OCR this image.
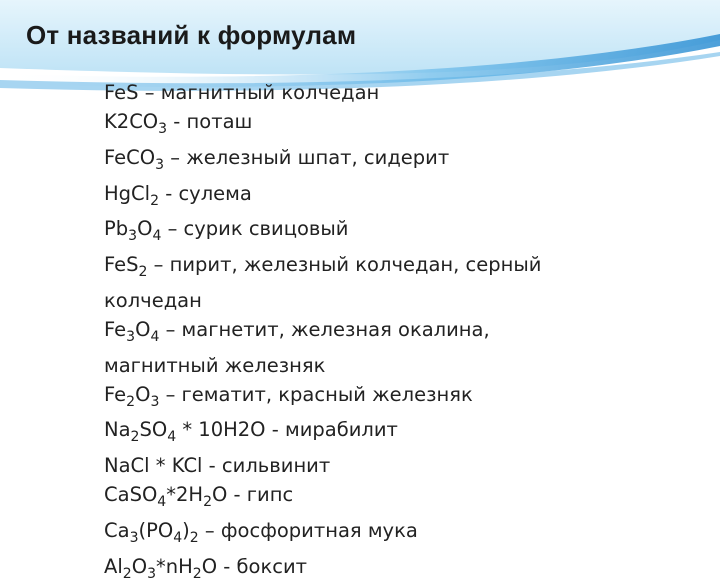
От названий к формулам
FeS – магнитный колчедан
$K2CO_3$ - поташ
FeCO$_3$ – железный шпат, сидерит
HgCl$_2$ - сулема
$Pb_3O_4$ – сурик свицовый
FeS$_2$ – пирит, железный колчедан, серный колчедан
$Fe_3O_4$ – магнетит, железная окалина, магнитный железняк
$Fe_2O_3$ – гематит, красный железняк
$Na_2SO_4 * 10H2O$ - мирабилит
NaCl * KCl - сильвинит
$CaSO_4*2H_2O$ - гипс
$Ca_3(PO_4)_2$ – фосфоритная мука
$Al_2O_3*nH_2O$ - боксит
